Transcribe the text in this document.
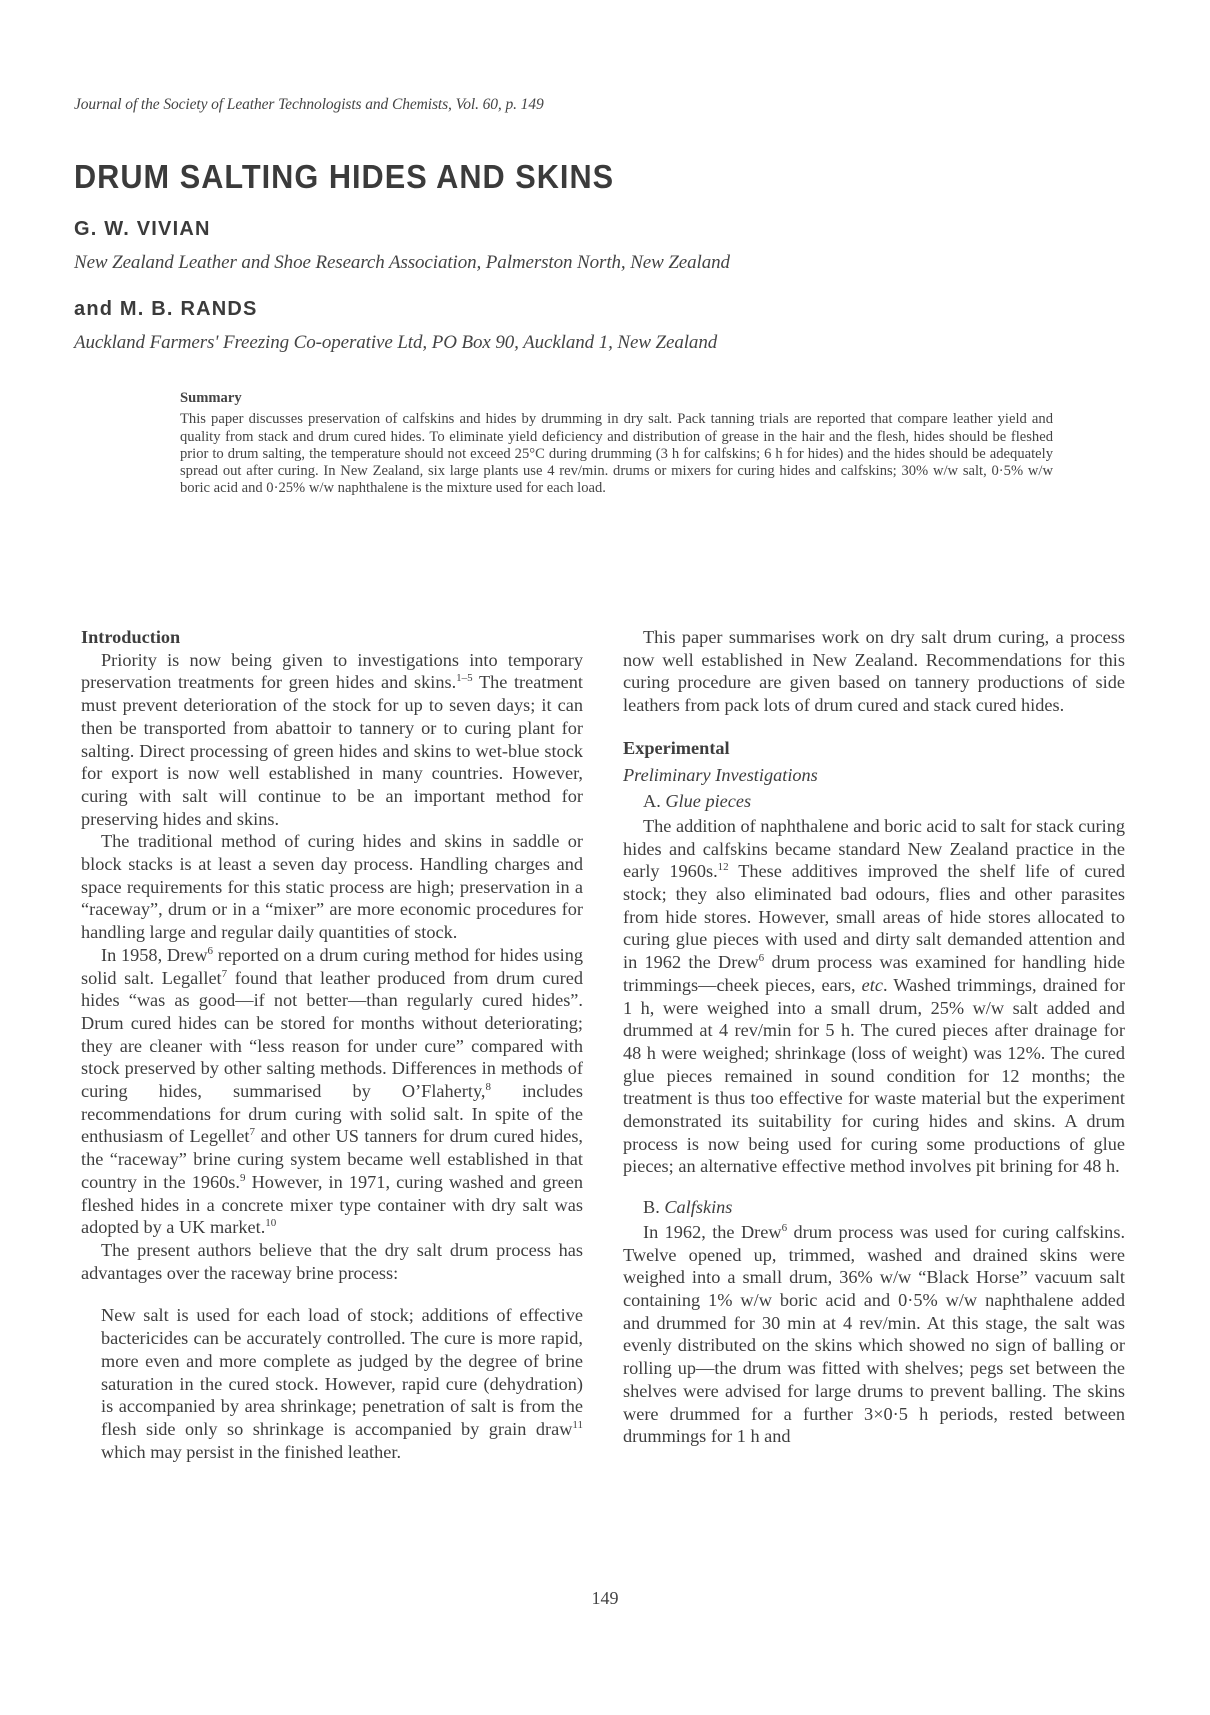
Journal of the Society of Leather Technologists and Chemists, Vol. 60, p. 149
DRUM SALTING HIDES AND SKINS
G. W. VIVIAN
New Zealand Leather and Shoe Research Association, Palmerston North, New Zealand
and M. B. RANDS
Auckland Farmers' Freezing Co-operative Ltd, PO Box 90, Auckland 1, New Zealand
Summary
This paper discusses preservation of calfskins and hides by drumming in dry salt. Pack tanning trials are reported that compare leather yield and quality from stack and drum cured hides. To eliminate yield deficiency and distribution of grease in the hair and the flesh, hides should be fleshed prior to drum salting, the temperature should not exceed 25°C during drumming (3 h for calfskins; 6 h for hides) and the hides should be adequately spread out after curing. In New Zealand, six large plants use 4 rev/min. drums or mixers for curing hides and calfskins; 30% w/w salt, 0·5% w/w boric acid and 0·25% w/w naphthalene is the mixture used for each load.
Introduction

Priority is now being given to investigations into temporary preservation treatments for green hides and skins.$^{1-5}$ The treatment must prevent deterioration of the stock for up to seven days; it can then be transported from abattoir to tannery or to curing plant for salting. Direct processing of green hides and skins to wet-blue stock for export is now well established in many countries. However, curing with salt will continue to be an important method for preserving hides and skins.

The traditional method of curing hides and skins in saddle or block stacks is at least a seven day process. Handling charges and space requirements for this static process are high; preservation in a “raceway”, drum or in a “mixer” are more economic procedures for handling large and regular daily quantities of stock.

In 1958, Drew$^6$ reported on a drum curing method for hides using solid salt. Legallet$^7$ found that leather produced from drum cured hides “was as good—if not better—than regularly cured hides”. Drum cured hides can be stored for months without deteriorating; they are cleaner with “less reason for under cure” compared with stock preserved by other salting methods. Differences in methods of curing hides, summarised by O’Flaherty,$^8$ includes recommendations for drum curing with solid salt. In spite of the enthusiasm of Legellet$^7$ and other US tanners for drum cured hides, the “raceway” brine curing system became well established in that country in the 1960s.$^9$ However, in 1971, curing washed and green fleshed hides in a concrete mixer type container with dry salt was adopted by a UK market.$^{10}$

The present authors believe that the dry salt drum process has advantages over the raceway brine process:

New salt is used for each load of stock; additions of effective bactericides can be accurately controlled. The cure is more rapid, more even and more complete as judged by the degree of brine saturation in the cured stock. However, rapid cure (dehydration) is accompanied by area shrinkage; penetration of salt is from the flesh side only so shrinkage is accompanied by grain draw$^{11}$ which may persist in the finished leather.

This paper summarises work on dry salt drum curing, a process now well established in New Zealand. Recommendations for this curing procedure are given based on tannery productions of side leathers from pack lots of drum cured and stack cured hides.

Experimental
Preliminary Investigations
A. Glue pieces

The addition of naphthalene and boric acid to salt for stack curing hides and calfskins became standard New Zealand practice in the early 1960s.$^{12}$ These additives improved the shelf life of cured stock; they also eliminated bad odours, flies and other parasites from hide stores. However, small areas of hide stores allocated to curing glue pieces with used and dirty salt demanded attention and in 1962 the Drew$^6$ drum process was examined for handling hide trimmings—cheek pieces, ears, etc. Washed trimmings, drained for 1 h, were weighed into a small drum, 25% w/w salt added and drummed at 4 rev/min for 5 h. The cured pieces after drainage for 48 h were weighed; shrinkage (loss of weight) was 12%. The cured glue pieces remained in sound condition for 12 months; the treatment is thus too effective for waste material but the experiment demonstrated its suitability for curing hides and skins. A drum process is now being used for curing some productions of glue pieces; an alternative effective method involves pit brining for 48 h.

B. Calfskins

In 1962, the Drew$^6$ drum process was used for curing calfskins. Twelve opened up, trimmed, washed and drained skins were weighed into a small drum, 36% w/w “Black Horse” vacuum salt containing 1% w/w boric acid and 0·5% w/w naphthalene added and drummed for 30 min at 4 rev/min. At this stage, the salt was evenly distributed on the skins which showed no sign of balling or rolling up—the drum was fitted with shelves; pegs set between the shelves were advised for large drums to prevent balling. The skins were drummed for a further 3×0·5 h periods, rested between drummings for 1 h and

149
